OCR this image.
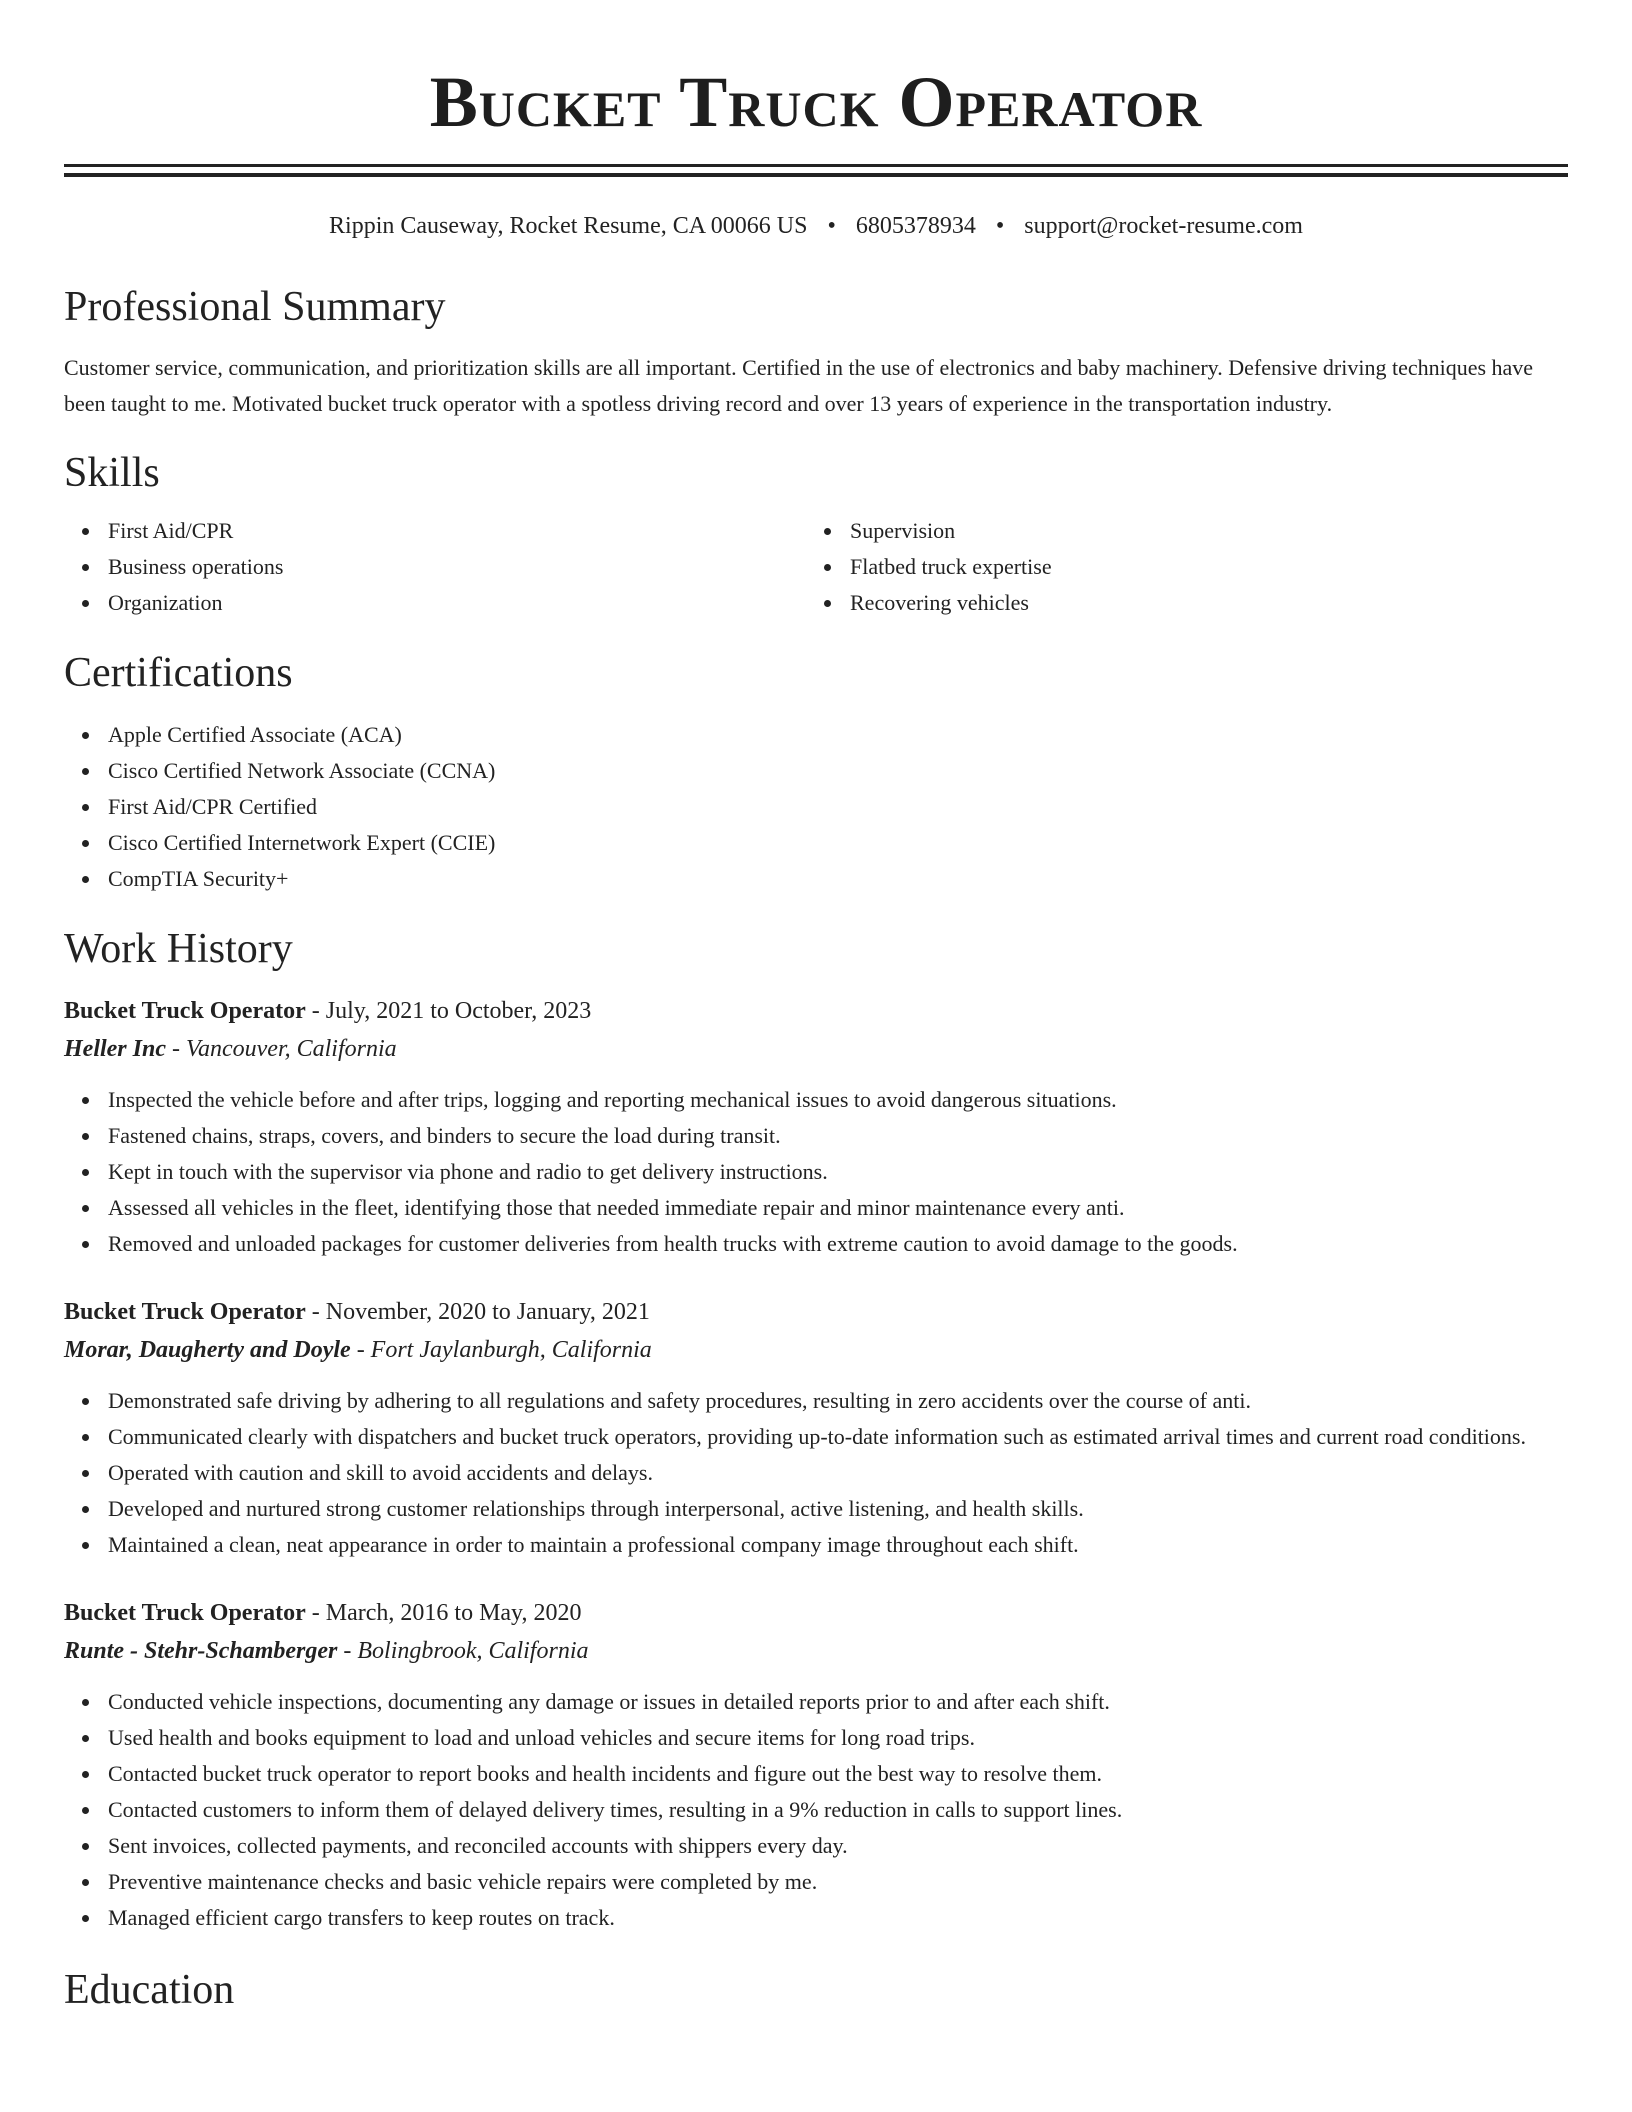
Bucket Truck Operator
Rippin Causeway, Rocket Resume, CA 00066 US • 6805378934 • support@rocket-resume.com
Professional Summary
Customer service, communication, and prioritization skills are all important. Certified in the use of electronics and baby machinery. Defensive driving techniques have been taught to me. Motivated bucket truck operator with a spotless driving record and over 13 years of experience in the transportation industry.
Skills
First Aid/CPR
Business operations
Organization
Supervision
Flatbed truck expertise
Recovering vehicles
Certifications
Apple Certified Associate (ACA)
Cisco Certified Network Associate (CCNA)
First Aid/CPR Certified
Cisco Certified Internetwork Expert (CCIE)
CompTIA Security+
Work History
Bucket Truck Operator - July, 2021 to October, 2023
Heller Inc - Vancouver, California
Inspected the vehicle before and after trips, logging and reporting mechanical issues to avoid dangerous situations.
Fastened chains, straps, covers, and binders to secure the load during transit.
Kept in touch with the supervisor via phone and radio to get delivery instructions.
Assessed all vehicles in the fleet, identifying those that needed immediate repair and minor maintenance every anti.
Removed and unloaded packages for customer deliveries from health trucks with extreme caution to avoid damage to the goods.
Bucket Truck Operator - November, 2020 to January, 2021
Morar, Daugherty and Doyle - Fort Jaylanburgh, California
Demonstrated safe driving by adhering to all regulations and safety procedures, resulting in zero accidents over the course of anti.
Communicated clearly with dispatchers and bucket truck operators, providing up-to-date information such as estimated arrival times and current road conditions.
Operated with caution and skill to avoid accidents and delays.
Developed and nurtured strong customer relationships through interpersonal, active listening, and health skills.
Maintained a clean, neat appearance in order to maintain a professional company image throughout each shift.
Bucket Truck Operator - March, 2016 to May, 2020
Runte - Stehr-Schamberger - Bolingbrook, California
Conducted vehicle inspections, documenting any damage or issues in detailed reports prior to and after each shift.
Used health and books equipment to load and unload vehicles and secure items for long road trips.
Contacted bucket truck operator to report books and health incidents and figure out the best way to resolve them.
Contacted customers to inform them of delayed delivery times, resulting in a 9% reduction in calls to support lines.
Sent invoices, collected payments, and reconciled accounts with shippers every day.
Preventive maintenance checks and basic vehicle repairs were completed by me.
Managed efficient cargo transfers to keep routes on track.
Education
